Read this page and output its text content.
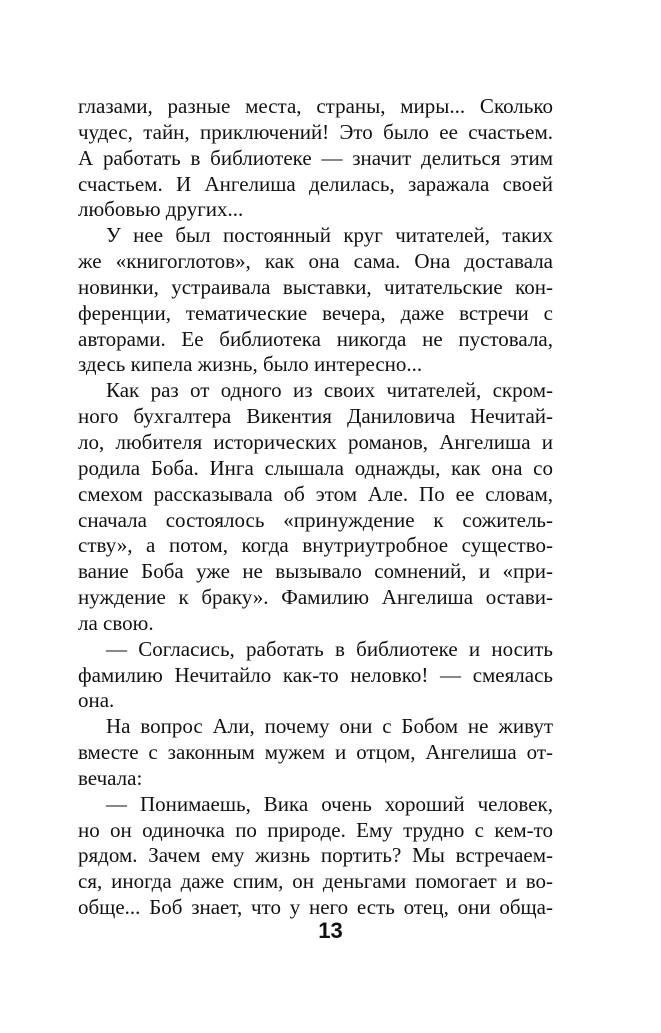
глазами, разные места, страны, миры... Сколько
чудес, тайн, приключений! Это было ее счастьем.
А работать в библиотеке — значит делиться этим
счастьем. И Ангелиша делилась, заражала своей
любовью других...
У нее был постоянный круг читателей, таких
же «книгоглотов», как она сама. Она доставала
новинки, устраивала выставки, читательские кон-
ференции, тематические вечера, даже встречи с
авторами. Ее библиотека никогда не пустовала,
здесь кипела жизнь, было интересно...
Как раз от одного из своих читателей, скром-
ного бухгалтера Викентия Даниловича Нечитай-
ло, любителя исторических романов, Ангелиша и
родила Боба. Инга слышала однажды, как она со
смехом рассказывала об этом Але. По ее словам,
сначала состоялось «принуждение к сожитель-
ству», а потом, когда внутриутробное существо-
вание Боба уже не вызывало сомнений, и «при-
нуждение к браку». Фамилию Ангелиша остави-
ла свою.
— Согласись, работать в библиотеке и носить
фамилию Нечитайло как-то неловко! — смеялась
она.
На вопрос Али, почему они с Бобом не живут
вместе с законным мужем и отцом, Ангелиша от-
вечала:
— Понимаешь, Вика очень хороший человек,
но он одиночка по природе. Ему трудно с кем-то
рядом. Зачем ему жизнь портить? Мы встречаем-
ся, иногда даже спим, он деньгами помогает и во-
обще... Боб знает, что у него есть отец, они обща-
13
